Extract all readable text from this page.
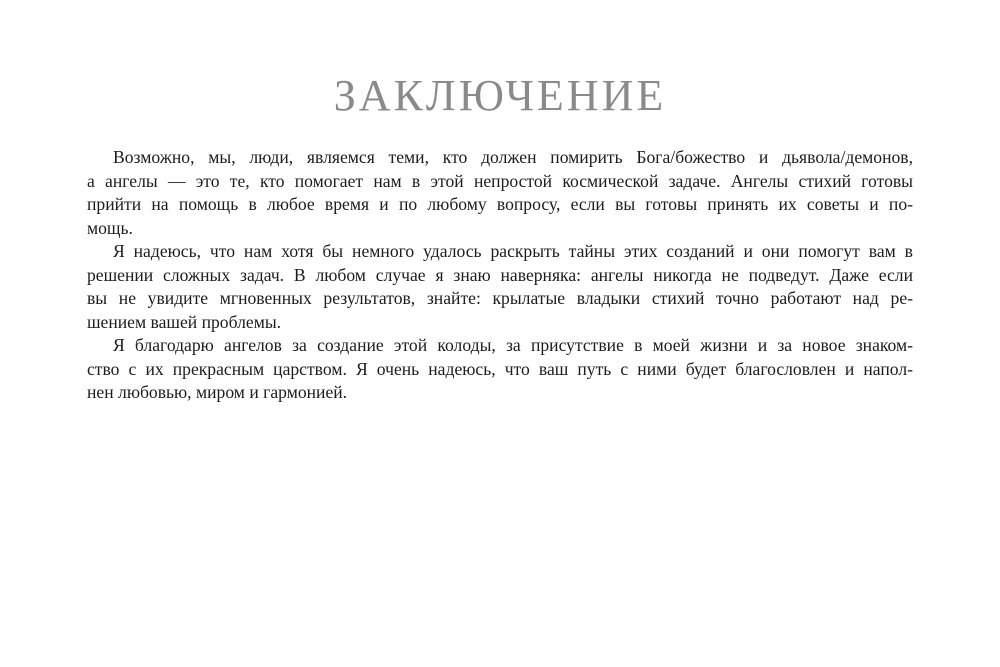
ЗАКЛЮЧЕНИЕ
Возможно, мы, люди, являемся теми, кто должен помирить Бога/божество и дьявола/демонов,
а ангелы — это те, кто помогает нам в этой непростой космической задаче. Ангелы стихий готовы
прийти на помощь в любое время и по любому вопросу, если вы готовы принять их советы и по-
мощь.
Я надеюсь, что нам хотя бы немного удалось раскрыть тайны этих созданий и они помогут вам в
решении сложных задач. В любом случае я знаю наверняка: ангелы никогда не подведут. Даже если
вы не увидите мгновенных результатов, знайте: крылатые владыки стихий точно работают над ре-
шением вашей проблемы.
Я благодарю ангелов за создание этой колоды, за присутствие в моей жизни и за новое знаком-
ство с их прекрасным царством. Я очень надеюсь, что ваш путь с ними будет благословлен и напол-
нен любовью, миром и гармонией.
